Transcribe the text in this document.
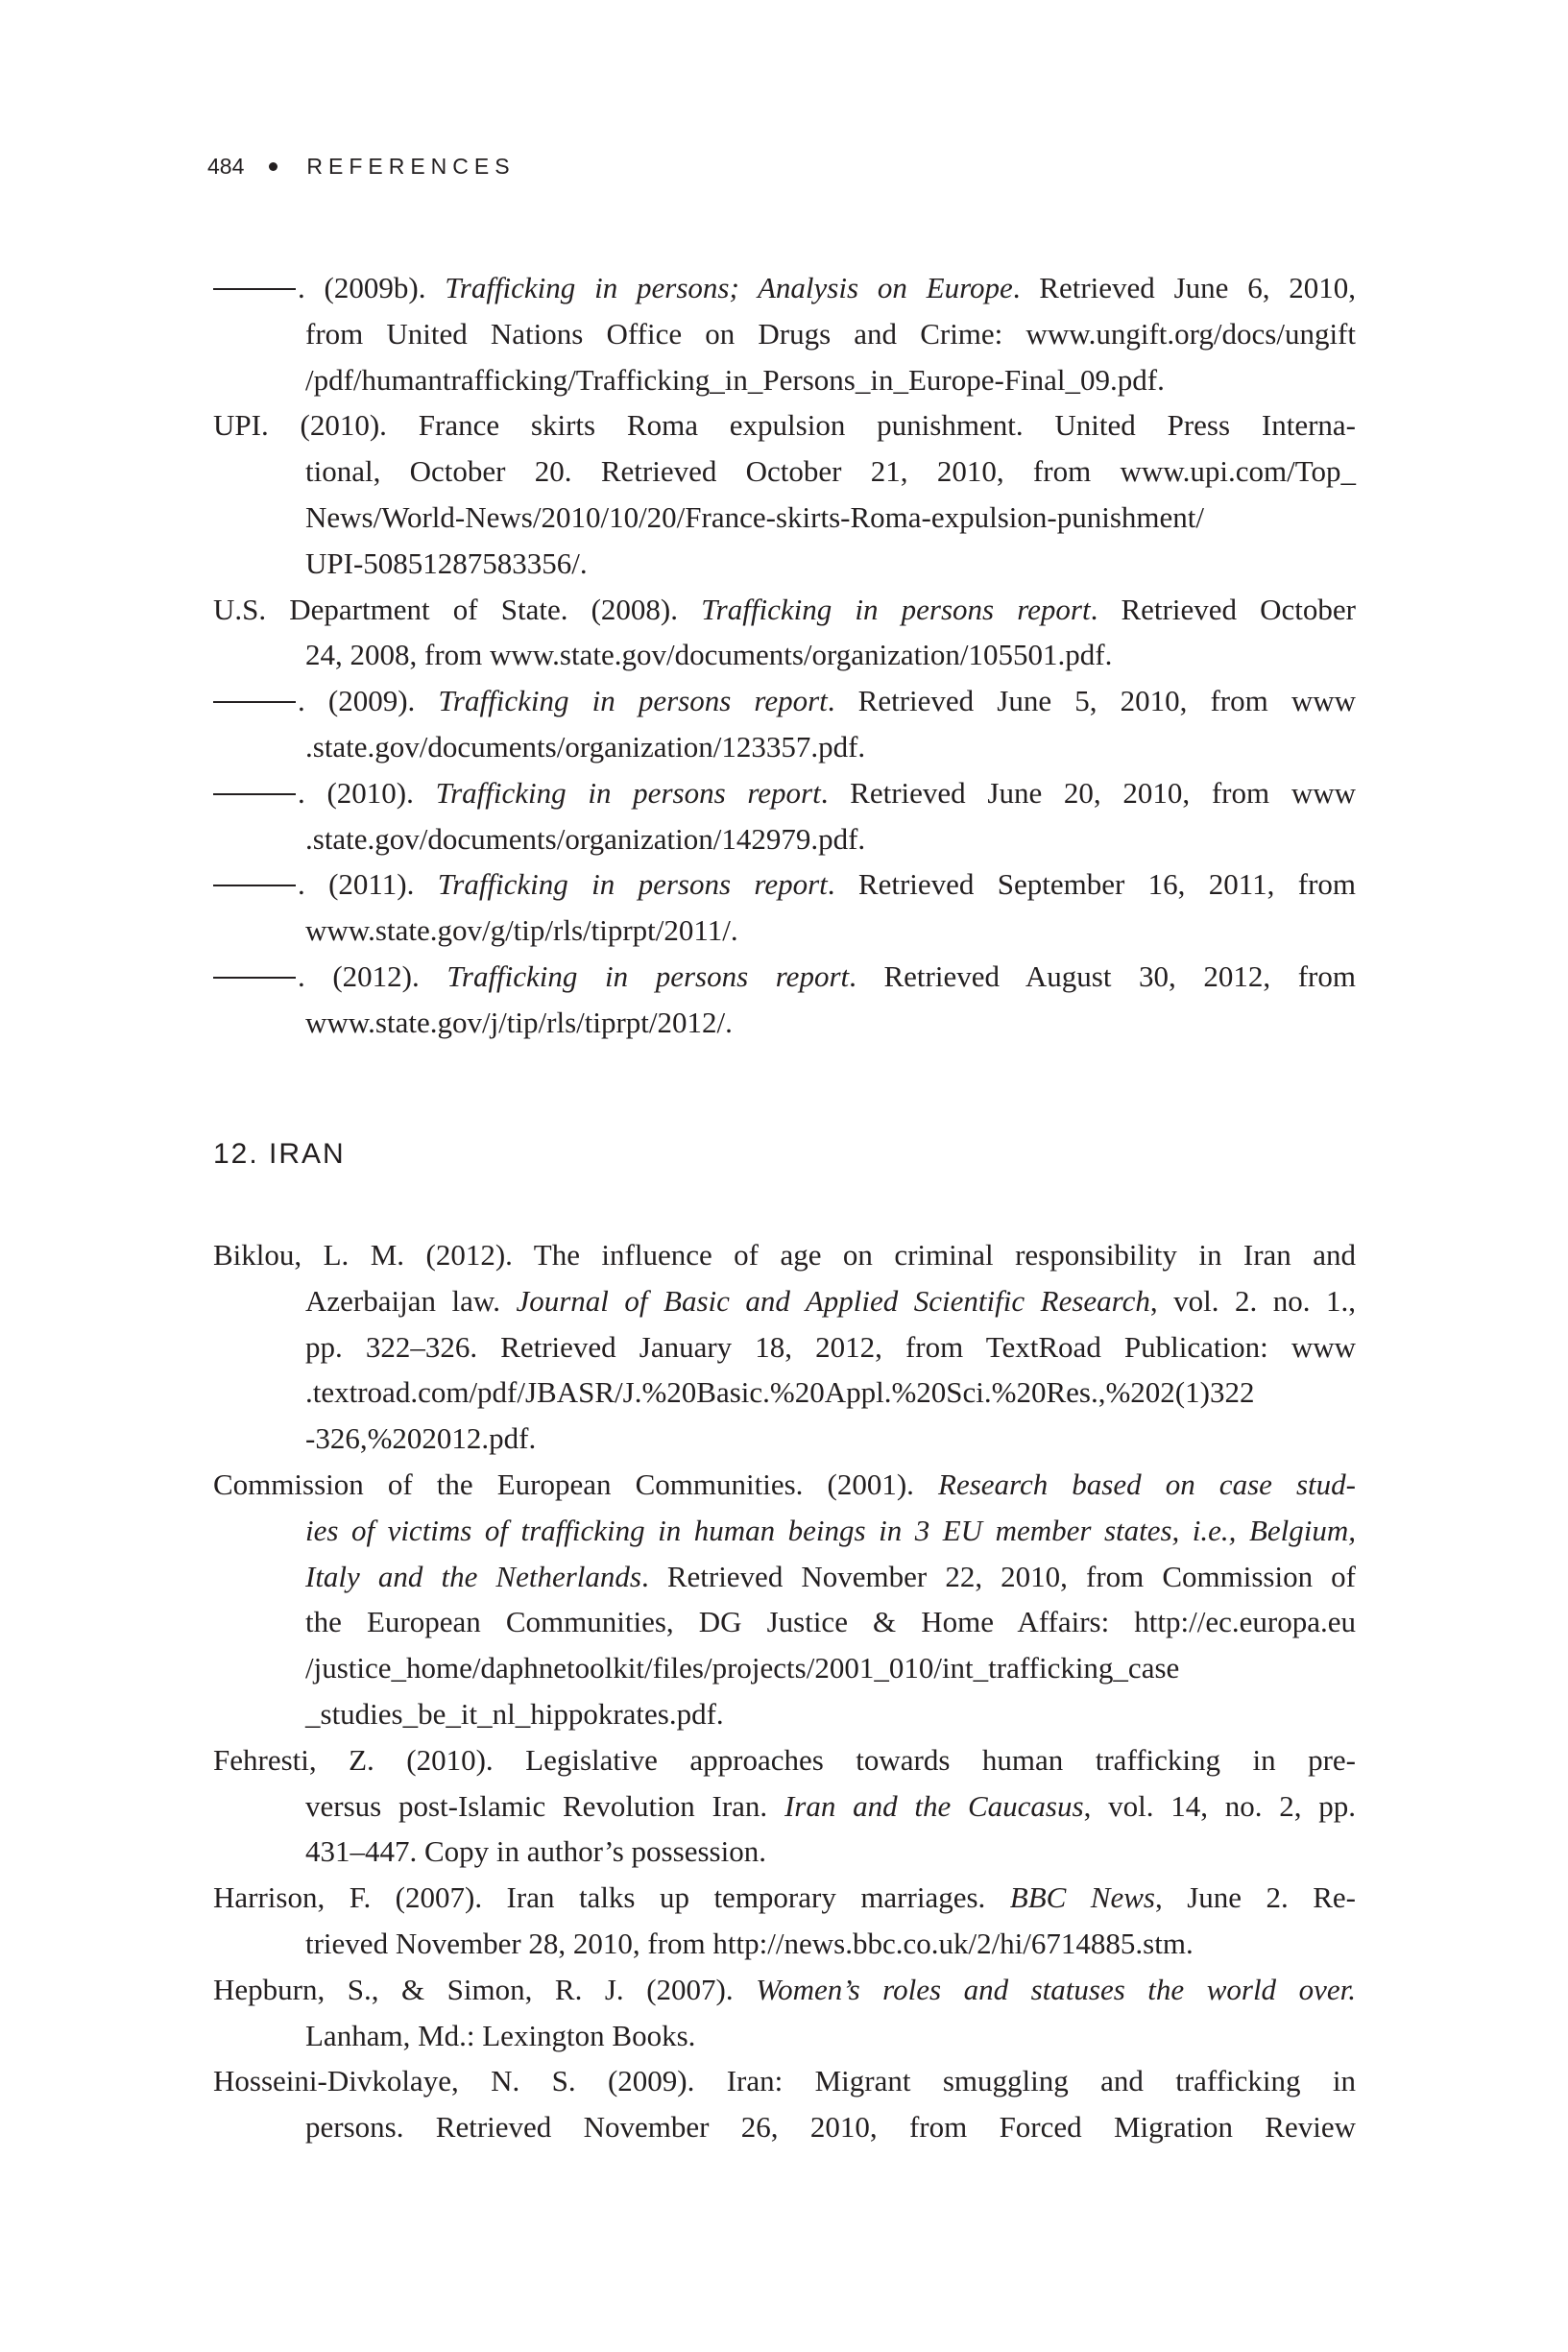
484	REFERENCES

. (2009b). Trafficking in persons; Analysis on Europe. Retrieved June 6, 2010,
from United Nations Office on Drugs and Crime: www.ungift.org/docs/ungift
/pdf/humantrafficking/Trafficking_in_Persons_in_Europe-Final_09.pdf.

UPI. (2010). France skirts Roma expulsion punishment. United Press Interna-
tional, October 20. Retrieved October 21, 2010, from www.upi.com/Top_
News/World-News/2010/10/20/France-skirts-Roma-expulsion-punishment/
UPI-50851287583356/.

U.S. Department of State. (2008). Trafficking in persons report. Retrieved October
24, 2008, from www.state.gov/documents/organization/105501.pdf.

. (2009). Trafficking in persons report. Retrieved June 5, 2010, from www
.state.gov/documents/organization/123357.pdf.

. (2010). Trafficking in persons report. Retrieved June 20, 2010, from www
.state.gov/documents/organization/142979.pdf.

. (2011). Trafficking in persons report. Retrieved September 16, 2011, from
www.state.gov/g/tip/rls/tiprpt/2011/.

. (2012). Trafficking in persons report. Retrieved August 30, 2012, from
www.state.gov/j/tip/rls/tiprpt/2012/.

12. IRAN

Biklou, L. M. (2012). The influence of age on criminal responsibility in Iran and
Azerbaijan law. Journal of Basic and Applied Scientific Research, vol. 2. no. 1.,
pp. 322–326. Retrieved January 18, 2012, from TextRoad Publication: www
.textroad.com/pdf/JBASR/J.%20Basic.%20Appl.%20Sci.%20Res.,%202(1)322
-326,%202012.pdf.

Commission of the European Communities. (2001). Research based on case stud-
ies of victims of trafficking in human beings in 3 EU member states, i.e., Belgium,
Italy and the Netherlands. Retrieved November 22, 2010, from Commission of
the European Communities, DG Justice & Home Affairs: http://ec.europa.eu
/justice_home/daphnetoolkit/files/projects/2001_010/int_trafficking_case
_studies_be_it_nl_hippokrates.pdf.

Fehresti, Z. (2010). Legislative approaches towards human trafficking in pre-
versus post-Islamic Revolution Iran. Iran and the Caucasus, vol. 14, no. 2, pp.
431–447. Copy in author’s possession.

Harrison, F. (2007). Iran talks up temporary marriages. BBC News, June 2. Re-
trieved November 28, 2010, from http://news.bbc.co.uk/2/hi/6714885.stm.

Hepburn, S., & Simon, R. J. (2007). Women’s roles and statuses the world over.
Lanham, Md.: Lexington Books.

Hosseini-Divkolaye, N. S. (2009). Iran: Migrant smuggling and trafficking in
persons. Retrieved November 26, 2010, from Forced Migration Review
